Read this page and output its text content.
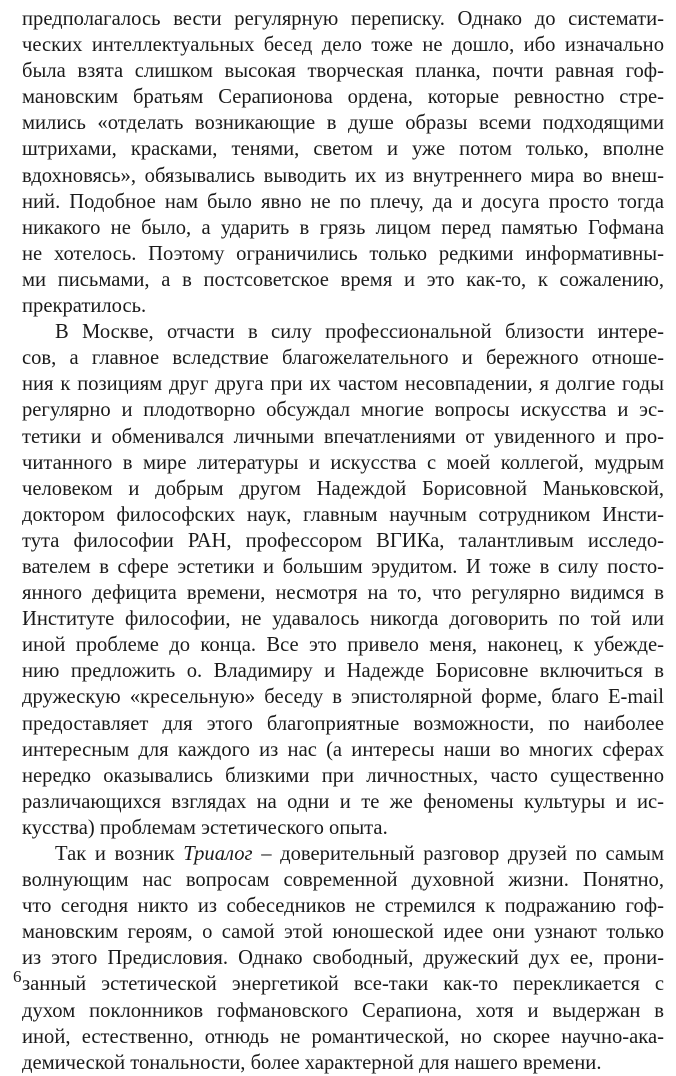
предполагалось вести регулярную переписку. Однако до системати-
ческих интеллектуальных бесед дело тоже не дошло, ибо изначально
была взята слишком высокая творческая планка, почти равная гоф-
мановским братьям Серапионова ордена, которые ревностно стре-
мились «отделать возникающие в душе образы всеми подходящими
штрихами, красками, тенями, светом и уже потом только, вполне
вдохновясь», обязывались выводить их из внутреннего мира во внеш-
ний. Подобное нам было явно не по плечу, да и досуга просто тогда
никакого не было, а ударить в грязь лицом перед памятью Гофмана
не хотелось. Поэтому ограничились только редкими информативны-
ми письмами, а в постсоветское время и это как-то, к сожалению,
прекратилось.
В Москве, отчасти в силу профессиональной близости интере-
сов, а главное вследствие благожелательного и бережного отноше-
ния к позициям друг друга при их частом несовпадении, я долгие годы
регулярно и плодотворно обсуждал многие вопросы искусства и эс-
тетики и обменивался личными впечатлениями от увиденного и про-
читанного в мире литературы и искусства с моей коллегой, мудрым
человеком и добрым другом Надеждой Борисовной Маньковской,
доктором философских наук, главным научным сотрудником Инсти-
тута философии РАН, профессором ВГИКа, талантливым исследо-
вателем в сфере эстетики и большим эрудитом. И тоже в силу посто-
янного дефицита времени, несмотря на то, что регулярно видимся в
Институте философии, не удавалось никогда договорить по той или
иной проблеме до конца. Все это привело меня, наконец, к убежде-
нию предложить о. Владимиру и Надежде Борисовне включиться в
дружескую «кресельную» беседу в эпистолярной форме, благо E-mail
предоставляет для этого благоприятные возможности, по наиболее
интересным для каждого из нас (а интересы наши во многих сферах
нередко оказывались близкими при личностных, часто существенно
различающихся взглядах на одни и те же феномены культуры и ис-
кусства) проблемам эстетического опыта.
Так и возник Триалог – доверительный разговор друзей по самым
волнующим нас вопросам современной духовной жизни. Понятно,
что сегодня никто из собеседников не стремился к подражанию гоф-
мановским героям, о самой этой юношеской идее они узнают только
из этого Предисловия. Однако свободный, дружеский дух ее, прони-
занный эстетической энергетикой все-таки как-то перекликается с
духом поклонников гофмановского Серапиона, хотя и выдержан в
иной, естественно, отнюдь не романтической, но скорее научно-ака-
демической тональности, более характерной для нашего времени.
6
